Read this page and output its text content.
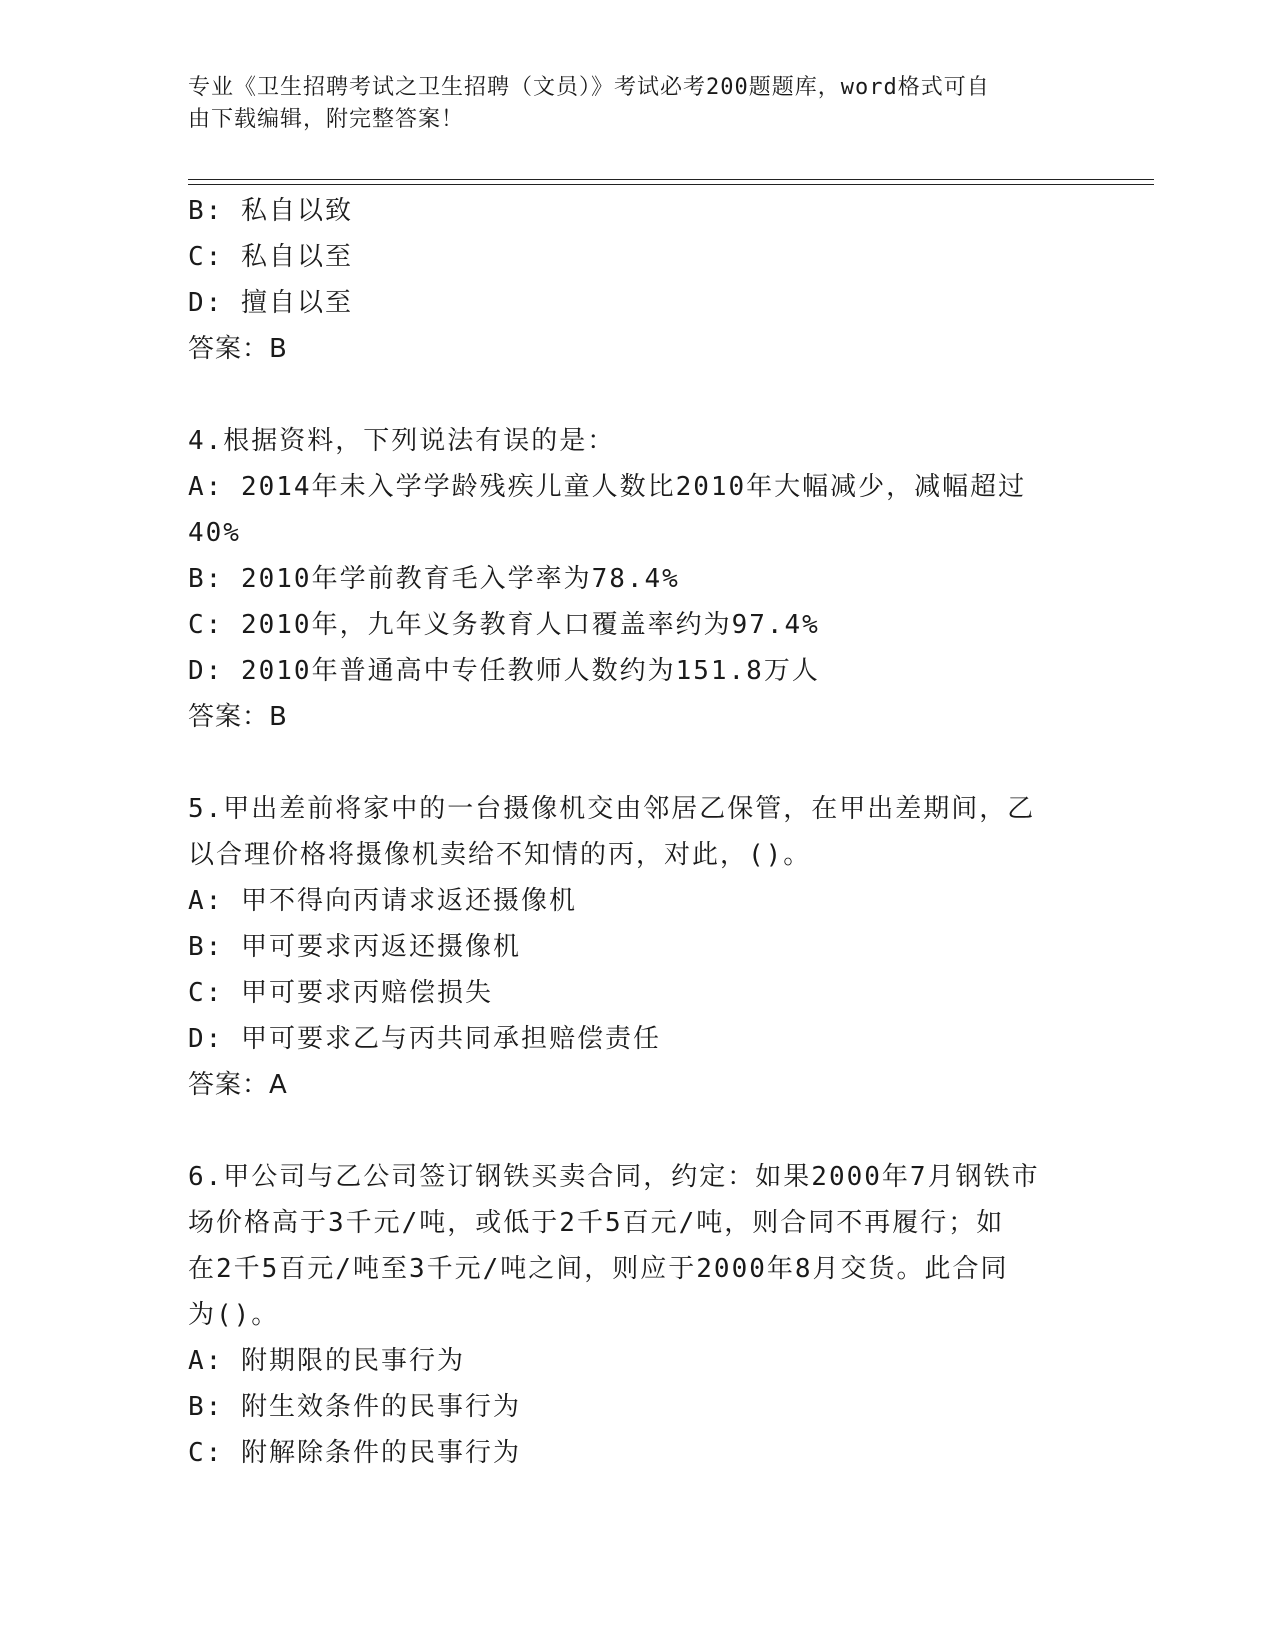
专业《卫生招聘考试之卫生招聘（文员）》考试必考200题题库，word格式可自
由下载编辑，附完整答案！

B: 私自以致

C: 私自以至

D: 擅自以至

答案：B

4.根据资料，下列说法有误的是：

A: 2014年未入学学龄残疾儿童人数比2010年大幅减少，减幅超过

40%

B: 2010年学前教育毛入学率为78.4%

C: 2010年，九年义务教育人口覆盖率约为97.4%

D: 2010年普通高中专任教师人数约为151.8万人

答案：B

5.甲出差前将家中的一台摄像机交由邻居乙保管，在甲出差期间，乙

以合理价格将摄像机卖给不知情的丙，对此，()。

A: 甲不得向丙请求返还摄像机

B: 甲可要求丙返还摄像机

C: 甲可要求丙赔偿损失

D: 甲可要求乙与丙共同承担赔偿责任

答案：A

6.甲公司与乙公司签订钢铁买卖合同，约定：如果2000年7月钢铁市

场价格高于3千元/吨，或低于2千5百元/吨，则合同不再履行；如

在2千5百元/吨至3千元/吨之间，则应于2000年8月交货。此合同

为()。

A: 附期限的民事行为

B: 附生效条件的民事行为

C: 附解除条件的民事行为
